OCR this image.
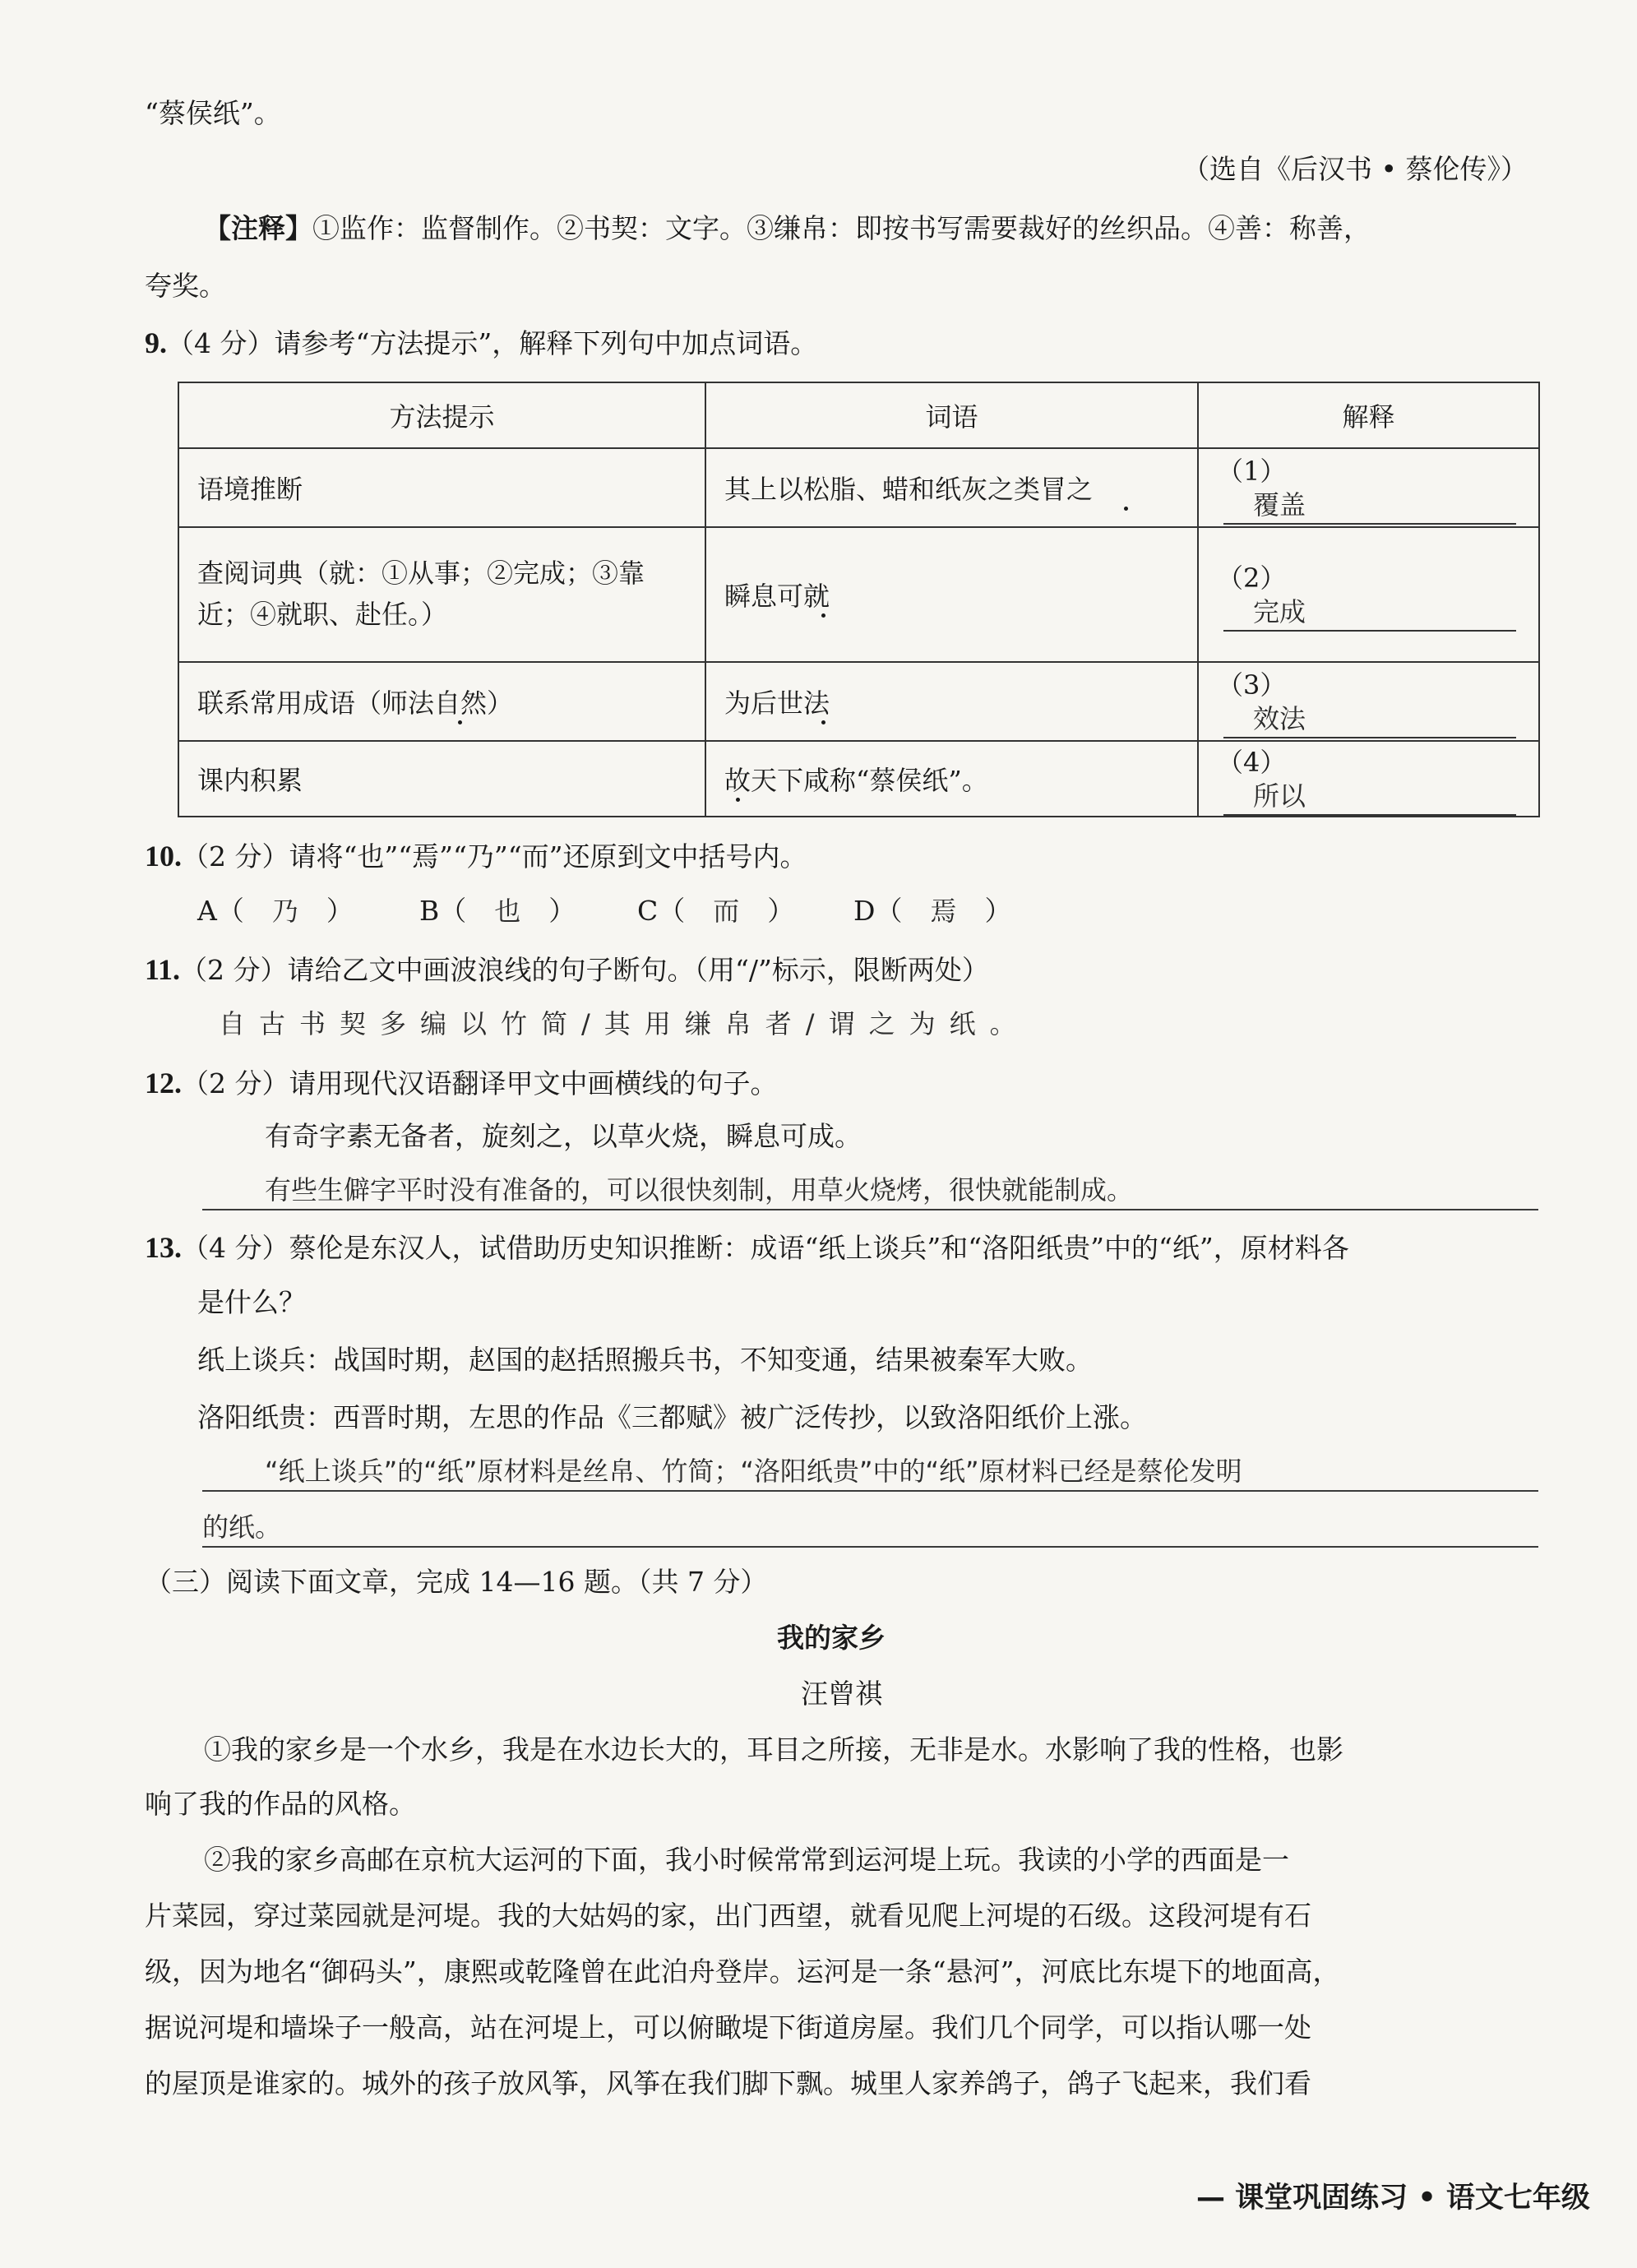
“蔡侯纸”。
（选自《后汉书 • 蔡伦传》）
【注释】①监作：监督制作。②书契：文字。③缣帛：即按书写需要裁好的丝织品。④善：称善，
夸奖。
9.（4 分）请参考“方法提示”，解释下列句中加点词语。
方法提示	词语	解释
语境推断	其上以松脂、蜡和纸灰之类冒之	（1）覆盖

查阅词典（就：①从事；②完成；③靠
近；④就职、赴任。）	瞬息可就	（2）完成

联系常用成语（师法自然）	为后世法	（3）效法
课内积累	故天下咸称“蔡侯纸”。	（4）所以
10.（2 分）请将“也”“焉”“乃”“而”还原到文中括号内。
A（ 乃 ） B（ 也 ） C（ 而 ） D（ 焉 ）
11.（2 分）请给乙文中画波浪线的句子断句。（用“/”标示，限断两处）
自古书契多编以竹简/其用缣帛者/谓之为纸。
12.（2 分）请用现代汉语翻译甲文中画横线的句子。
有奇字素无备者，旋刻之，以草火烧，瞬息可成。
有些生僻字平时没有准备的，可以很快刻制，用草火烧烤，很快就能制成。
13.（4 分）蔡伦是东汉人，试借助历史知识推断：成语“纸上谈兵”和“洛阳纸贵”中的“纸”，原材料各
是什么？
纸上谈兵：战国时期，赵国的赵括照搬兵书，不知变通，结果被秦军大败。
洛阳纸贵：西晋时期，左思的作品《三都赋》被广泛传抄，以致洛阳纸价上涨。
“纸上谈兵”的“纸”原材料是丝帛、竹简；“洛阳纸贵”中的“纸”原材料已经是蔡伦发明
的纸。
（三）阅读下面文章，完成 14—16 题。（共 7 分）
我的家乡
汪曾祺
①我的家乡是一个水乡，我是在水边长大的，耳目之所接，无非是水。水影响了我的性格，也影
响了我的作品的风格。
②我的家乡高邮在京杭大运河的下面，我小时候常常到运河堤上玩。我读的小学的西面是一
片菜园，穿过菜园就是河堤。我的大姑妈的家，出门西望，就看见爬上河堤的石级。这段河堤有石
级，因为地名“御码头”，康熙或乾隆曾在此泊舟登岸。运河是一条“悬河”，河底比东堤下的地面高，
据说河堤和墙垛子一般高，站在河堤上，可以俯瞰堤下街道房屋。我们几个同学，可以指认哪一处
的屋顶是谁家的。城外的孩子放风筝，风筝在我们脚下飘。城里人家养鸽子，鸽子飞起来，我们看
— 课堂巩固练习 • 语文七年级
